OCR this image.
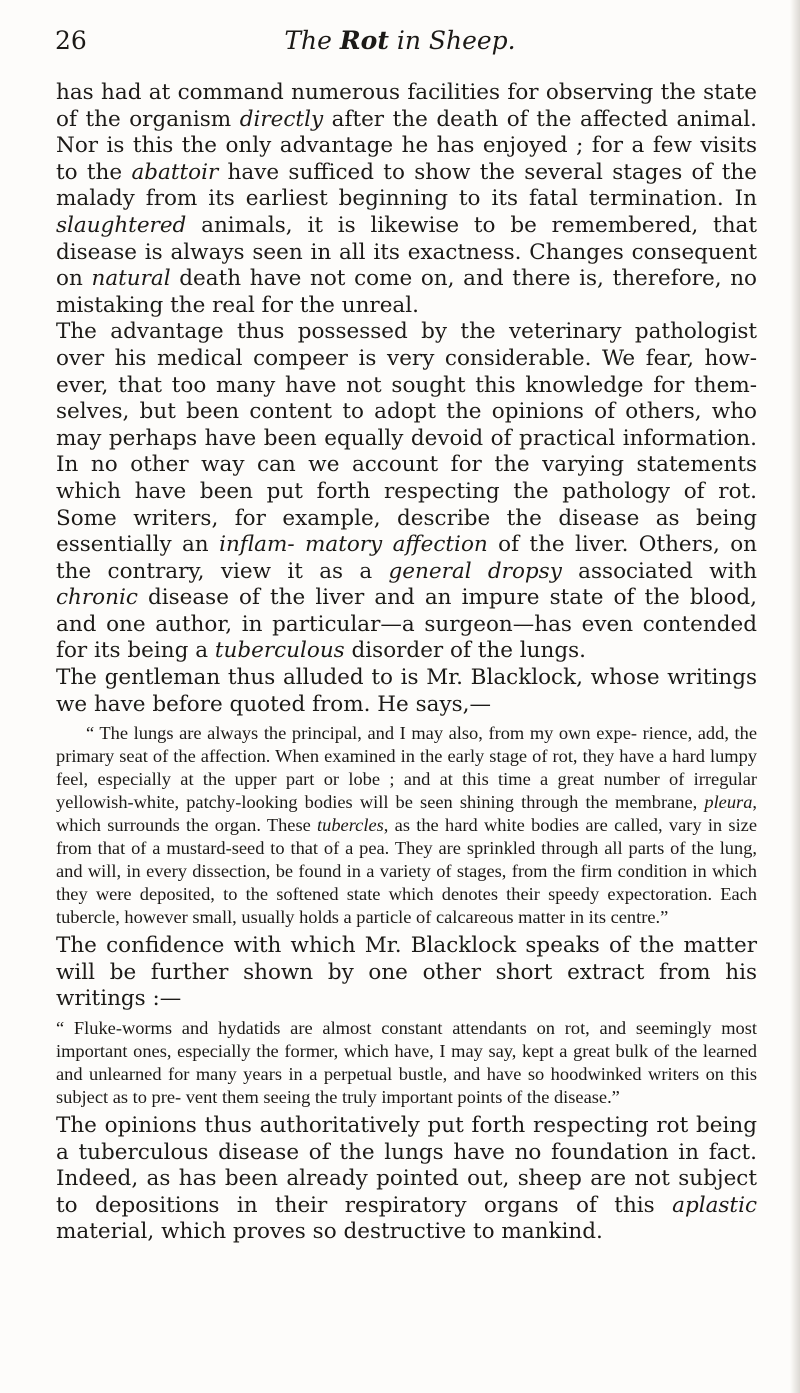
26	The Rot in Sheep.

has had at command numerous facilities for observing the state of the organism directly after the death of the affected animal. Nor is this the only advantage he has enjoyed ; for a few visits to the abattoir have sufficed to show the several stages of the malady from its earliest beginning to its fatal termination. In slaughtered animals, it is likewise to be remembered, that disease is always seen in all its exactness. Changes consequent on natural death have not come on, and there is, therefore, no mistaking the real for the unreal.

The advantage thus possessed by the veterinary pathologist over his medical compeer is very considerable. We fear, how- ever, that too many have not sought this knowledge for them- selves, but been content to adopt the opinions of others, who may perhaps have been equally devoid of practical information. In no other way can we account for the varying statements which have been put forth respecting the pathology of rot. Some writers, for example, describe the disease as being essentially an inflam- matory affection of the liver. Others, on the contrary, view it as a general dropsy associated with chronic disease of the liver and an impure state of the blood, and one author, in particular—a surgeon—has even contended for its being a tuberculous disorder of the lungs.

The gentleman thus alluded to is Mr. Blacklock, whose writings we have before quoted from. He says,—

“ The lungs are always the principal, and I may also, from my own expe- rience, add, the primary seat of the affection. When examined in the early stage of rot, they have a hard lumpy feel, especially at the upper part or lobe ; and at this time a great number of irregular yellowish-white, patchy-looking bodies will be seen shining through the membrane, pleura, which surrounds the organ. These tubercles, as the hard white bodies are called, vary in size from that of a mustard-seed to that of a pea. They are sprinkled through all parts of the lung, and will, in every dissection, be found in a variety of stages, from the firm condition in which they were deposited, to the softened state which denotes their speedy expectoration. Each tubercle, however small, usually holds a particle of calcareous matter in its centre.”

The confidence with which Mr. Blacklock speaks of the matter will be further shown by one other short extract from his writings :—

“ Fluke-worms and hydatids are almost constant attendants on rot, and seemingly most important ones, especially the former, which have, I may say, kept a great bulk of the learned and unlearned for many years in a perpetual bustle, and have so hoodwinked writers on this subject as to pre- vent them seeing the truly important points of the disease.”

The opinions thus authoritatively put forth respecting rot being a tuberculous disease of the lungs have no foundation in fact. Indeed, as has been already pointed out, sheep are not subject to depositions in their respiratory organs of this aplastic material, which proves so destructive to mankind.
